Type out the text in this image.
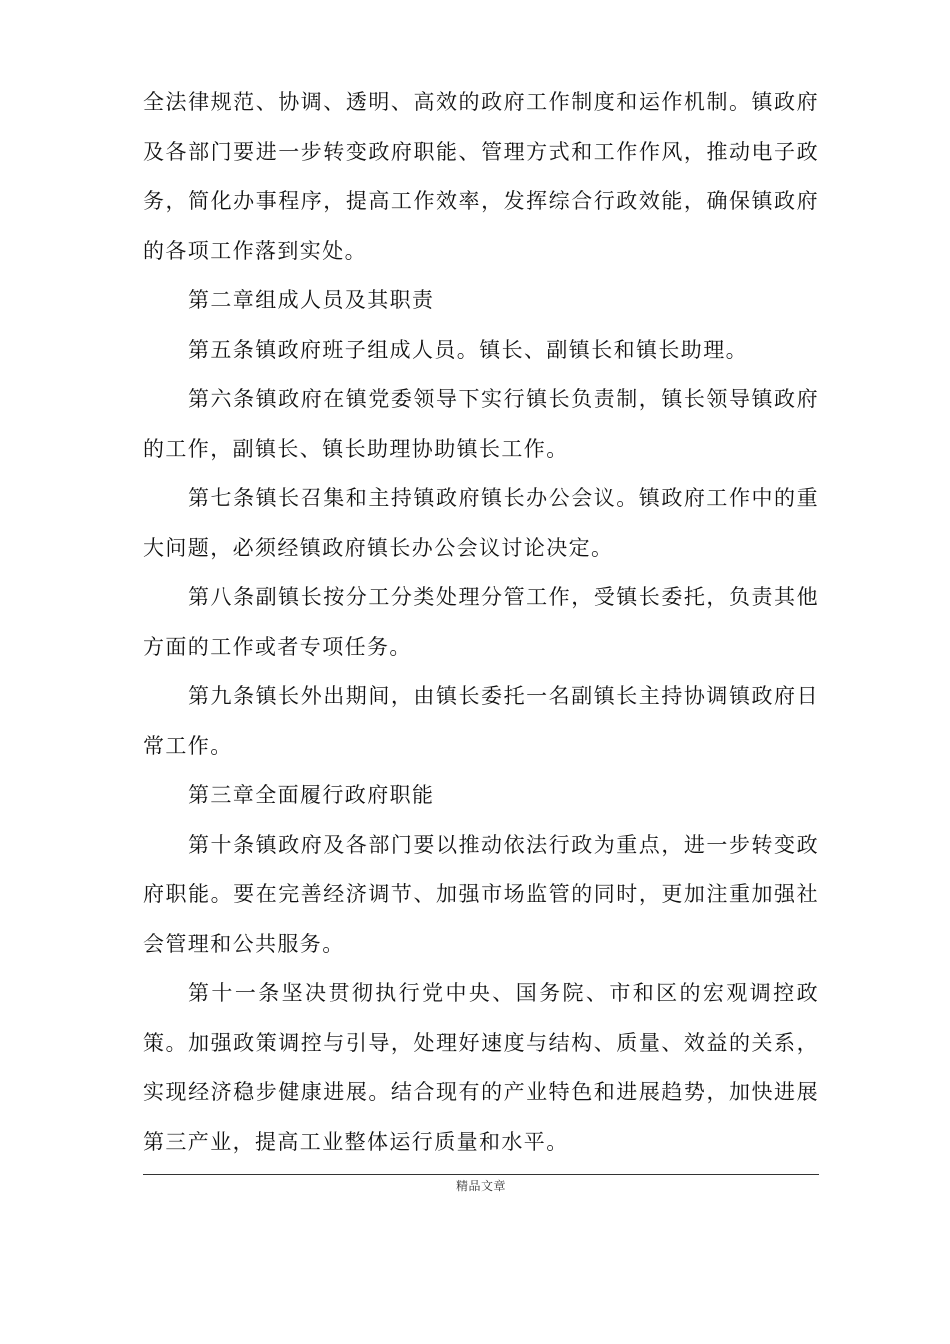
全法律规范、协调、透明、高效的政府工作制度和运作机制。镇政府及各部门要进一步转变政府职能、管理方式和工作作风，推动电子政务，简化办事程序，提高工作效率，发挥综合行政效能，确保镇政府的各项工作落到实处。

第二章组成人员及其职责

第五条镇政府班子组成人员。镇长、副镇长和镇长助理。

第六条镇政府在镇党委领导下实行镇长负责制，镇长领导镇政府的工作，副镇长、镇长助理协助镇长工作。

第七条镇长召集和主持镇政府镇长办公会议。镇政府工作中的重大问题，必须经镇政府镇长办公会议讨论决定。

第八条副镇长按分工分类处理分管工作，受镇长委托，负责其他方面的工作或者专项任务。

第九条镇长外出期间，由镇长委托一名副镇长主持协调镇政府日常工作。

第三章全面履行政府职能

第十条镇政府及各部门要以推动依法行政为重点，进一步转变政府职能。要在完善经济调节、加强市场监管的同时，更加注重加强社会管理和公共服务。

第十一条坚决贯彻执行党中央、国务院、市和区的宏观调控政策。加强政策调控与引导，处理好速度与结构、质量、效益的关系，实现经济稳步健康进展。结合现有的产业特色和进展趋势，加快进展第三产业，提高工业整体运行质量和水平。

精品文章
